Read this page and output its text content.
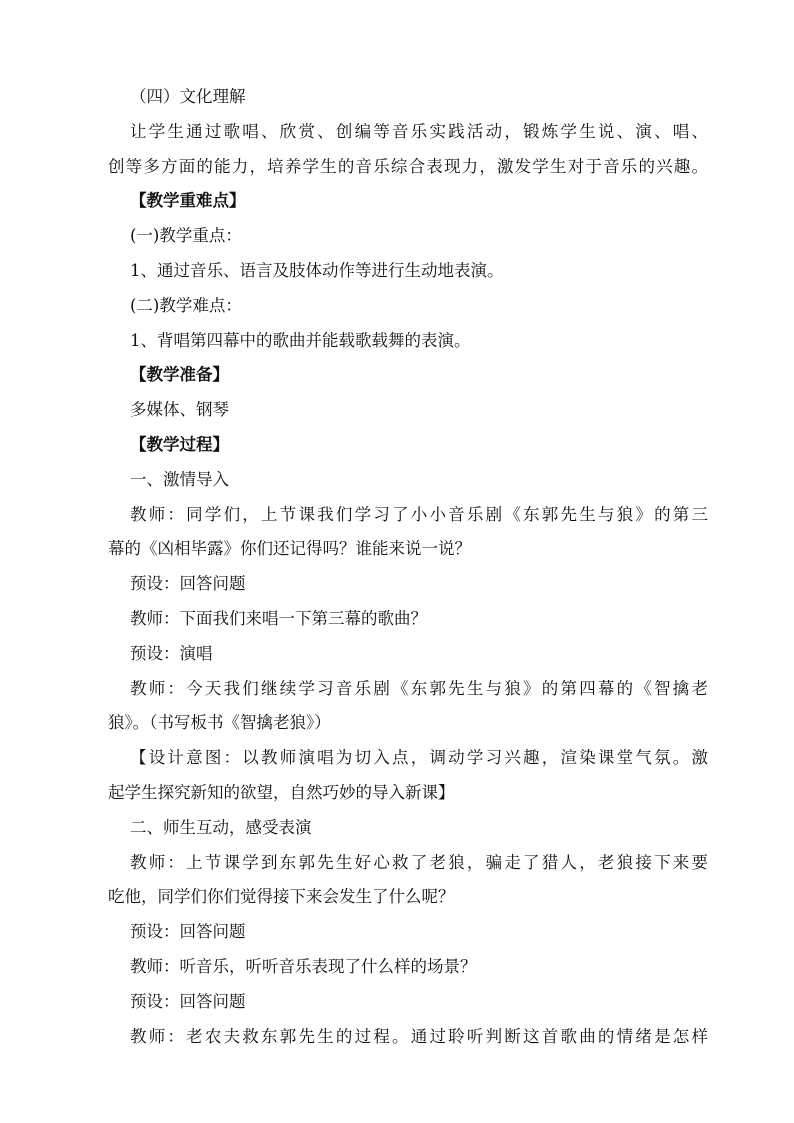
（四）文化理解
让学生通过歌唱、欣赏、创编等音乐实践活动，锻炼学生说、演、唱、
创等多方面的能力，培养学生的音乐综合表现力，激发学生对于音乐的兴趣。
【教学重难点】
(一)教学重点：
1、通过音乐、语言及肢体动作等进行生动地表演。
(二)教学难点：
1、背唱第四幕中的歌曲并能载歌载舞的表演。
【教学准备】
多媒体、钢琴
【教学过程】
一、激情导入
教师：同学们，上节课我们学习了小小音乐剧《东郭先生与狼》的第三
幕的《凶相毕露》你们还记得吗？谁能来说一说？
预设：回答问题
教师：下面我们来唱一下第三幕的歌曲？
预设：演唱
教师：今天我们继续学习音乐剧《东郭先生与狼》的第四幕的《智擒老
狼》。（书写板书《智擒老狼》）
【设计意图：以教师演唱为切入点，调动学习兴趣，渲染课堂气氛。激
起学生探究新知的欲望，自然巧妙的导入新课】
二、师生互动，感受表演
教师：上节课学到东郭先生好心救了老狼，骗走了猎人，老狼接下来要
吃他，同学们你们觉得接下来会发生了什么呢？
预设：回答问题
教师：听音乐，听听音乐表现了什么样的场景？
预设：回答问题
教师：老农夫救东郭先生的过程。通过聆听判断这首歌曲的情绪是怎样
